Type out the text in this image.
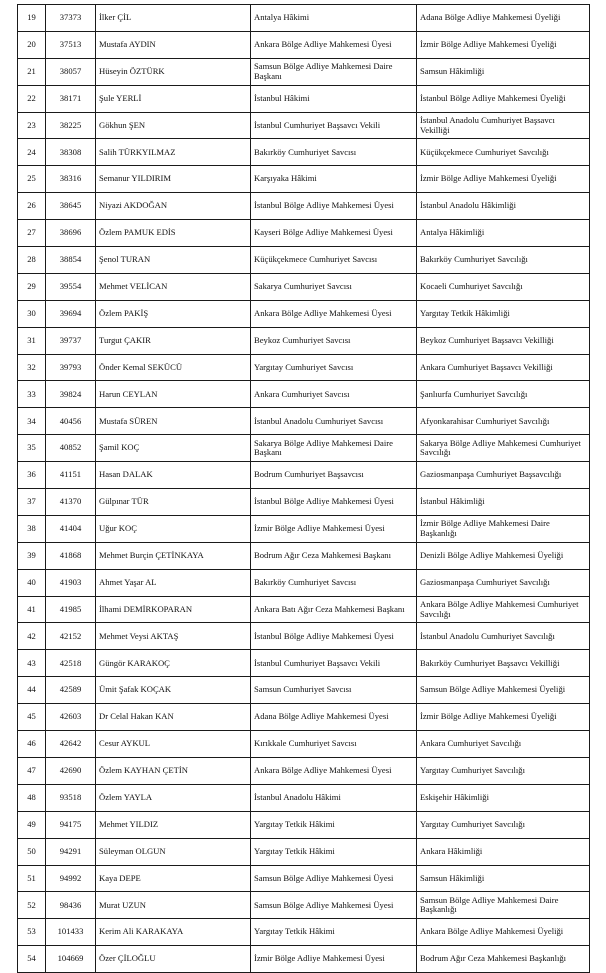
19	37373	İlker ÇİL	Antalya Hâkimi	Adana Bölge Adliye Mahkemesi Üyeliği
20	37513	Mustafa AYDIN	Ankara Bölge Adliye Mahkemesi Üyesi	İzmir Bölge Adliye Mahkemesi Üyeliği
21	38057	Hüseyin ÖZTÜRK	Samsun Bölge Adliye Mahkemesi Daire Başkanı	Samsun Hâkimliği
22	38171	Şule YERLİ	İstanbul Hâkimi	İstanbul Bölge Adliye Mahkemesi Üyeliği
23	38225	Gökhun ŞEN	İstanbul Cumhuriyet Başsavcı Vekili	İstanbul Anadolu Cumhuriyet Başsavcı Vekilliği
24	38308	Salih TÜRKYILMAZ	Bakırköy Cumhuriyet Savcısı	Küçükçekmece Cumhuriyet Savcılığı
25	38316	Semanur YILDIRIM	Karşıyaka Hâkimi	İzmir Bölge Adliye Mahkemesi Üyeliği
26	38645	Niyazi AKDOĞAN	İstanbul Bölge Adliye Mahkemesi Üyesi	İstanbul Anadolu Hâkimliği
27	38696	Özlem PAMUK EDİS	Kayseri Bölge Adliye Mahkemesi Üyesi	Antalya Hâkimliği
28	38854	Şenol TURAN	Küçükçekmece Cumhuriyet Savcısı	Bakırköy Cumhuriyet Savcılığı
29	39554	Mehmet VELİCAN	Sakarya Cumhuriyet Savcısı	Kocaeli Cumhuriyet Savcılığı
30	39694	Özlem PAKİŞ	Ankara Bölge Adliye Mahkemesi Üyesi	Yargıtay Tetkik Hâkimliği
31	39737	Turgut ÇAKIR	Beykoz Cumhuriyet Savcısı	Beykoz Cumhuriyet Başsavcı Vekilliği
32	39793	Önder Kemal SEKÜCÜ	Yargıtay Cumhuriyet Savcısı	Ankara Cumhuriyet Başsavcı Vekilliği
33	39824	Harun CEYLAN	Ankara Cumhuriyet Savcısı	Şanlıurfa Cumhuriyet Savcılığı
34	40456	Mustafa SÜREN	İstanbul Anadolu Cumhuriyet Savcısı	Afyonkarahisar Cumhuriyet Savcılığı
35	40852	Şamil KOÇ	Sakarya Bölge Adliye Mahkemesi Daire Başkanı	Sakarya Bölge Adliye Mahkemesi Cumhuriyet Savcılığı
36	41151	Hasan DALAK	Bodrum Cumhuriyet Başsavcısı	Gaziosmanpaşa Cumhuriyet Başsavcılığı
37	41370	Gülpınar TÜR	İstanbul Bölge Adliye Mahkemesi Üyesi	İstanbul Hâkimliği
38	41404	Uğur KOÇ	İzmir Bölge Adliye Mahkemesi Üyesi	İzmir Bölge Adliye Mahkemesi Daire Başkanlığı
39	41868	Mehmet Burçin ÇETİNKAYA	Bodrum Ağır Ceza Mahkemesi Başkanı	Denizli Bölge Adliye Mahkemesi Üyeliği
40	41903	Ahmet Yaşar AL	Bakırköy Cumhuriyet Savcısı	Gaziosmanpaşa Cumhuriyet Savcılığı
41	41985	İlhami DEMİRKOPARAN	Ankara Batı Ağır Ceza Mahkemesi Başkanı	Ankara Bölge Adliye Mahkemesi Cumhuriyet Savcılığı
42	42152	Mehmet Veysi AKTAŞ	İstanbul Bölge Adliye Mahkemesi Üyesi	İstanbul Anadolu Cumhuriyet Savcılığı
43	42518	Güngör KARAKOÇ	İstanbul Cumhuriyet Başsavcı Vekili	Bakırköy Cumhuriyet Başsavcı Vekilliği
44	42589	Ümit Şafak KOÇAK	Samsun Cumhuriyet Savcısı	Samsun Bölge Adliye Mahkemesi Üyeliği
45	42603	Dr Celal Hakan KAN	Adana Bölge Adliye Mahkemesi Üyesi	İzmir Bölge Adliye Mahkemesi Üyeliği
46	42642	Cesur AYKUL	Kırıkkale Cumhuriyet Savcısı	Ankara Cumhuriyet Savcılığı
47	42690	Özlem KAYHAN ÇETİN	Ankara Bölge Adliye Mahkemesi Üyesi	Yargıtay Cumhuriyet Savcılığı
48	93518	Özlem YAYLA	İstanbul Anadolu Hâkimi	Eskişehir Hâkimliği
49	94175	Mehmet YILDIZ	Yargıtay Tetkik Hâkimi	Yargıtay Cumhuriyet Savcılığı
50	94291	Süleyman OLGUN	Yargıtay Tetkik Hâkimi	Ankara Hâkimliği
51	94992	Kaya DEPE	Samsun Bölge Adliye Mahkemesi Üyesi	Samsun Hâkimliği
52	98436	Murat UZUN	Samsun Bölge Adliye Mahkemesi Üyesi	Samsun Bölge Adliye Mahkemesi Daire Başkanlığı
53	101433	Kerim Ali KARAKAYA	Yargıtay Tetkik Hâkimi	Ankara Bölge Adliye Mahkemesi Üyeliği
54	104669	Özer ÇİLOĞLU	İzmir Bölge Adliye Mahkemesi Üyesi	Bodrum Ağır Ceza Mahkemesi Başkanlığı
